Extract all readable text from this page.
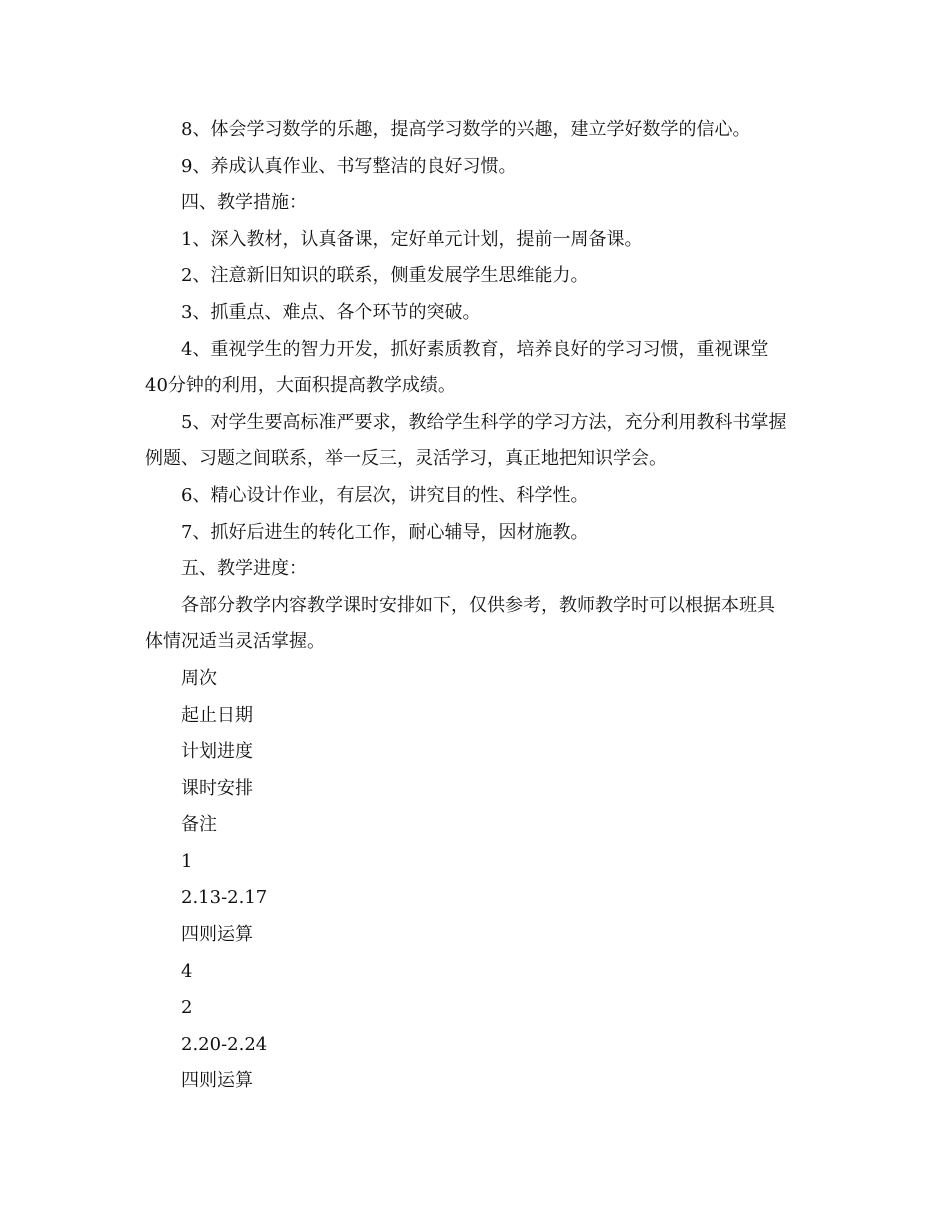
8、体会学习数学的乐趣，提高学习数学的兴趣，建立学好数学的信心。
9、养成认真作业、书写整洁的良好习惯。
四、教学措施：
1、深入教材，认真备课，定好单元计划，提前一周备课。
2、注意新旧知识的联系，侧重发展学生思维能力。
3、抓重点、难点、各个环节的突破。
4、重视学生的智力开发，抓好素质教育，培养良好的学习习惯，重视课堂
40分钟的利用，大面积提高教学成绩。
5、对学生要高标准严要求，教给学生科学的学习方法，充分利用教科书掌握
例题、习题之间联系，举一反三，灵活学习，真正地把知识学会。
6、精心设计作业，有层次，讲究目的性、科学性。
7、抓好后进生的转化工作，耐心辅导，因材施教。
五、教学进度：
各部分教学内容教学课时安排如下，仅供参考，教师教学时可以根据本班具
体情况适当灵活掌握。
周次
起止日期
计划进度
课时安排
备注
1
2.13-2.17
四则运算
4
2
2.20-2.24
四则运算
